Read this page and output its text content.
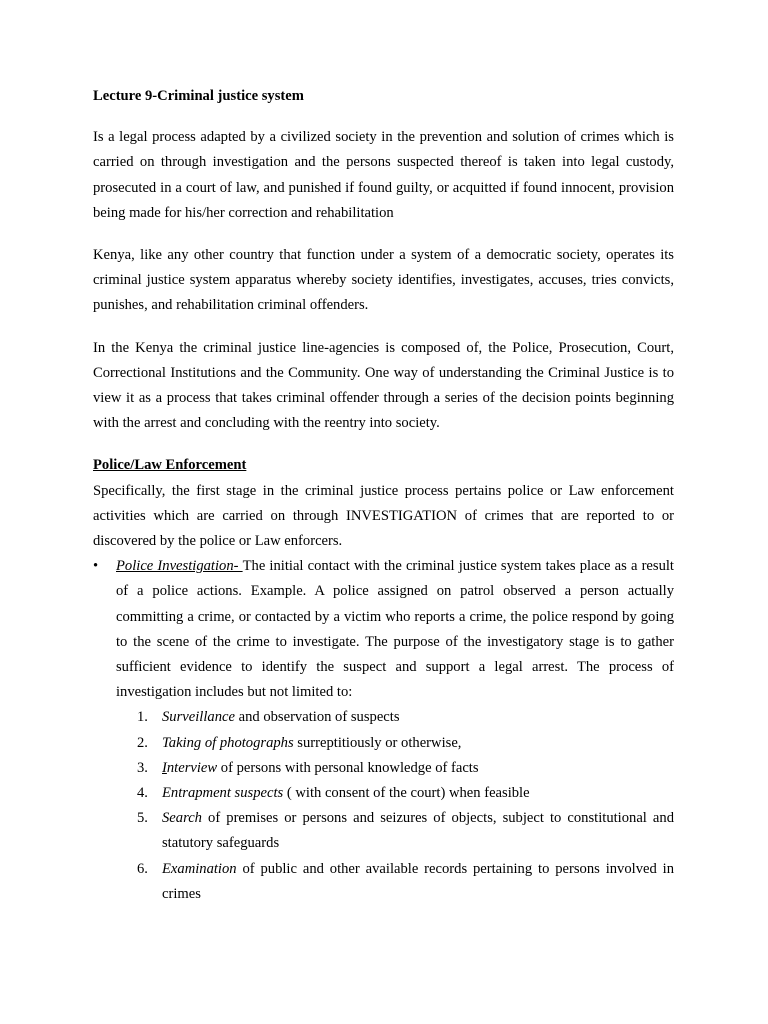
Lecture 9-Criminal justice system

Is a legal process adapted by a civilized society in the prevention and solution of crimes which is carried on through investigation and the persons suspected thereof is taken into legal custody, prosecuted in a court of law, and punished if found guilty, or acquitted if found innocent, provision being made for his/her correction and rehabilitation

Kenya, like any other country that function under a system of a democratic society, operates its criminal justice system apparatus whereby society identifies, investigates, accuses, tries convicts, punishes, and rehabilitation criminal offenders.

In the Kenya the criminal justice line-agencies is composed of, the Police, Prosecution, Court, Correctional Institutions and the Community. One way of understanding the Criminal Justice is to view it as a process that takes criminal offender through a series of the decision points beginning with the arrest and concluding with the reentry into society.

Police/Law Enforcement

Specifically, the first stage in the criminal justice process pertains police or Law enforcement activities which are carried on through INVESTIGATION of crimes that are reported to or discovered by the police or Law enforcers.

• Police Investigation- The initial contact with the criminal justice system takes place as a result of a police actions. Example. A police assigned on patrol observed a person actually committing a crime, or contacted by a victim who reports a crime, the police respond by going to the scene of the crime to investigate. The purpose of the investigatory stage is to gather sufficient evidence to identify the suspect and support a legal arrest. The process of investigation includes but not limited to:

1. Surveillance and observation of suspects
2. Taking of photographs surreptitiously or otherwise,
3. Interview of persons with personal knowledge of facts
4. Entrapment suspects ( with consent of the court) when feasible
5. Search of premises or persons and seizures of objects, subject to constitutional and statutory safeguards
6. Examination of public and other available records pertaining to persons involved in crimes
